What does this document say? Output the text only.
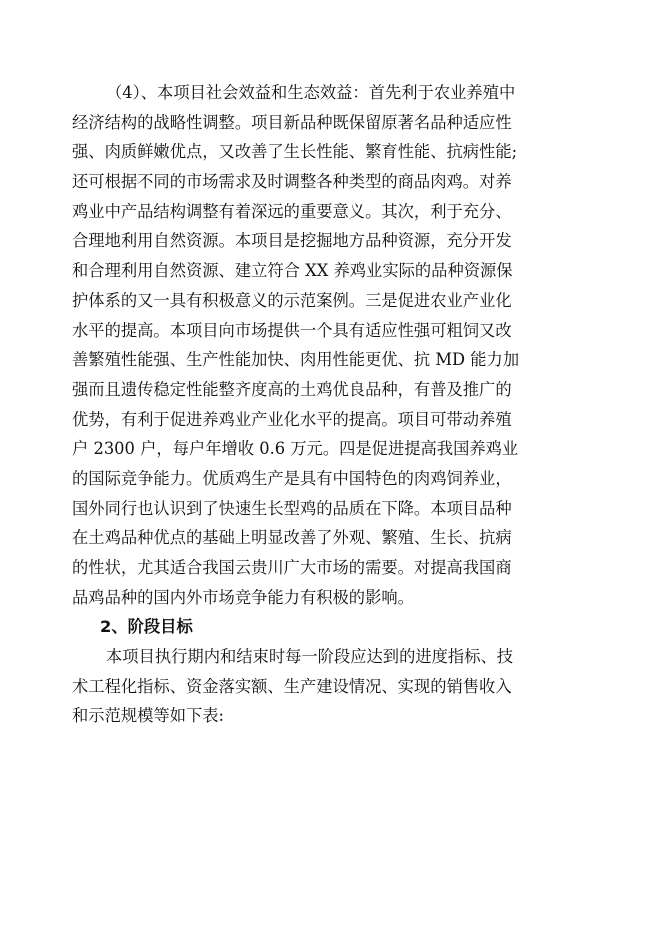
（4）、本项目社会效益和生态效益：首先利于农业养殖中
经济结构的战略性调整。项目新品种既保留原著名品种适应性
强、肉质鲜嫩优点，又改善了生长性能、繁育性能、抗病性能;
还可根据不同的市场需求及时调整各种类型的商品肉鸡。对养
鸡业中产品结构调整有着深远的重要意义。其次，利于充分、
合理地利用自然资源。本项目是挖掘地方品种资源，充分开发
和合理利用自然资源、建立符合 XX 养鸡业实际的品种资源保
护体系的又一具有积极意义的示范案例。三是促进农业产业化
水平的提高。本项目向市场提供一个具有适应性强可粗饲又改
善繁殖性能强、生产性能加快、肉用性能更优、抗 MD 能力加
强而且遗传稳定性能整齐度高的土鸡优良品种，有普及推广的
优势，有利于促进养鸡业产业化水平的提高。项目可带动养殖
户 2300 户，每户年增收 0.6 万元。四是促进提高我国养鸡业
的国际竞争能力。优质鸡生产是具有中国特色的肉鸡饲养业，
国外同行也认识到了快速生长型鸡的品质在下降。本项目品种
在土鸡品种优点的基础上明显改善了外观、繁殖、生长、抗病
的性状，尤其适合我国云贵川广大市场的需要。对提高我国商
品鸡品种的国内外市场竞争能力有积极的影响。
2、阶段目标
本项目执行期内和结束时每一阶段应达到的进度指标、技
术工程化指标、资金落实额、生产建设情况、实现的销售收入
和示范规模等如下表:
